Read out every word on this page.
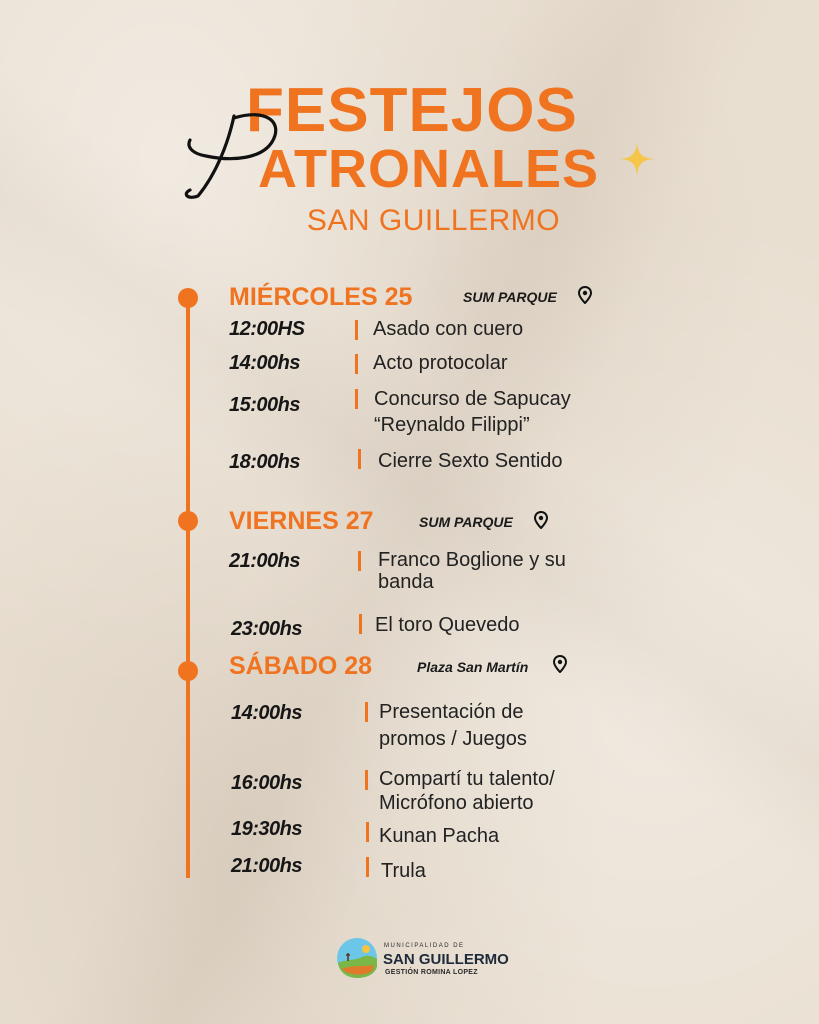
FESTEJOS
ATRONALES
SAN GUILLERMO
MIÉRCOLES 25	SUM PARQUE
12:00HS	Asado con cuero
14:00hs	Acto protocolar
15:00hs	Concurso de Sapucay
“Reynaldo Filippi”
18:00hs	Cierre Sexto Sentido
VIERNES 27	SUM PARQUE
21:00hs	Franco Boglione y su
banda
23:00hs	El toro Quevedo
SÁBADO 28	Plaza San Martín
14:00hs	Presentación de
promos / Juegos
16:00hs	Compartí tu talento/
Micrófono abierto
19:30hs	Kunan Pacha
21:00hs	Trula
MUNICIPALIDAD DE
SAN GUILLERMO
GESTIÓN ROMINA LOPEZ
